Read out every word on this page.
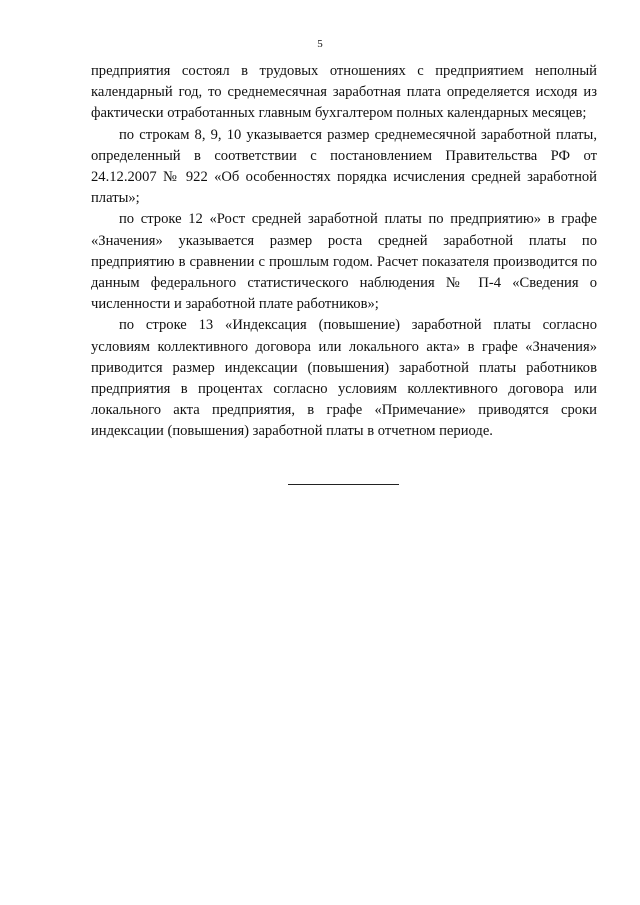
5

предприятия состоял в трудовых отношениях с предприятием неполный календарный год, то среднемесячная заработная плата определяется исходя из фактически отработанных главным бухгалтером полных календарных месяцев;

по строкам 8, 9, 10 указывается размер среднемесячной заработной платы, определенный в соответствии с постановлением Правительства РФ от 24.12.2007 № 922 «Об особенностях порядка исчисления средней заработной платы»;

по строке 12 «Рост средней заработной платы по предприятию» в графе «Значения» указывается размер роста средней заработной платы по предприятию в сравнении с прошлым годом. Расчет показателя производится по данным федерального статистического наблюдения № П-4 «Сведения о численности и заработной плате работников»;

по строке 13 «Индексация (повышение) заработной платы согласно условиям коллективного договора или локального акта» в графе «Значения» приводится размер индексации (повышения) заработной платы работников предприятия в процентах согласно условиям коллективного договора или локального акта предприятия, в графе «Примечание» приводятся сроки индексации (повышения) заработной платы в отчетном периоде.
